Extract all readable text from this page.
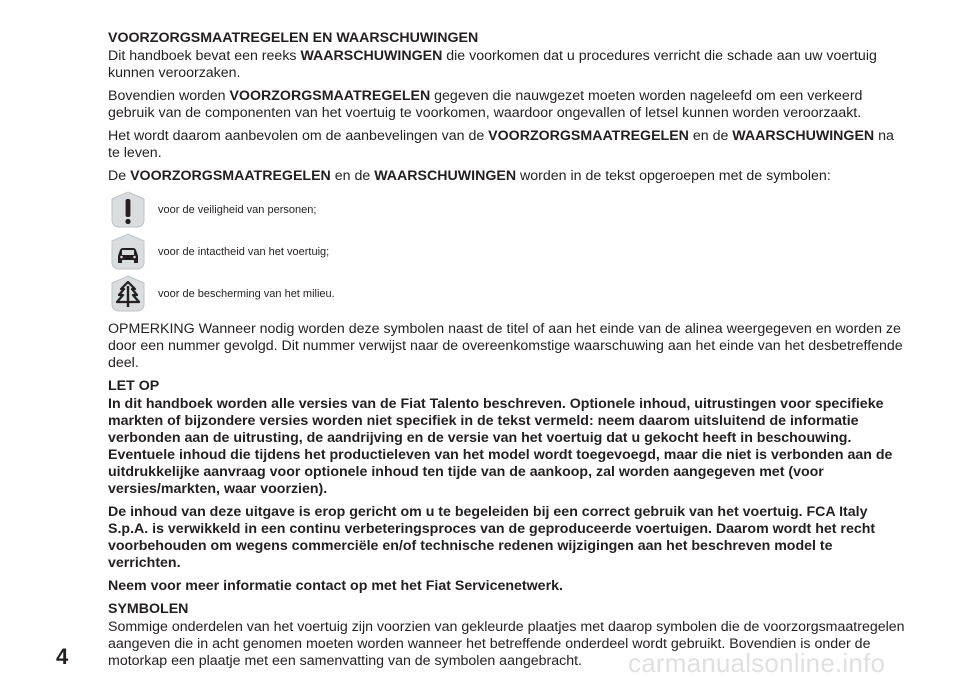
VOORZORGSMAATREGELEN EN WAARSCHUWINGEN

Dit handboek bevat een reeks WAARSCHUWINGEN die voorkomen dat u procedures verricht die schade aan uw voertuig kunnen veroorzaken.

Bovendien worden VOORZORGSMAATREGELEN gegeven die nauwgezet moeten worden nageleefd om een verkeerd gebruik van de componenten van het voertuig te voorkomen, waardoor ongevallen of letsel kunnen worden veroorzaakt.

Het wordt daarom aanbevolen om de aanbevelingen van de VOORZORGSMAATREGELEN en de WAARSCHUWINGEN na te leven.

De VOORZORGSMAATREGELEN en de WAARSCHUWINGEN worden in de tekst opgeroepen met de symbolen:

voor de veiligheid van personen;
voor de intactheid van het voertuig;
voor de bescherming van het milieu.

OPMERKING Wanneer nodig worden deze symbolen naast de titel of aan het einde van de alinea weergegeven en worden ze door een nummer gevolgd. Dit nummer verwijst naar de overeenkomstige waarschuwing aan het einde van het desbetreffende deel.

LET OP

In dit handboek worden alle versies van de Fiat Talento beschreven. Optionele inhoud, uitrustingen voor specifieke markten of bijzondere versies worden niet specifiek in de tekst vermeld: neem daarom uitsluitend de informatie verbonden aan de uitrusting, de aandrijving en de versie van het voertuig dat u gekocht heeft in beschouwing. Eventuele inhoud die tijdens het productieleven van het model wordt toegevoegd, maar die niet is verbonden aan de uitdrukkelijke aanvraag voor optionele inhoud ten tijde van de aankoop, zal worden aangegeven met (voor versies/markten, waar voorzien).

De inhoud van deze uitgave is erop gericht om u te begeleiden bij een correct gebruik van het voertuig. FCA Italy S.p.A. is verwikkeld in een continu verbeteringsproces van de geproduceerde voertuigen. Daarom wordt het recht voorbehouden om wegens commerciële en/of technische redenen wijzigingen aan het beschreven model te verrichten.

Neem voor meer informatie contact op met het Fiat Servicenetwerk.

SYMBOLEN

Sommige onderdelen van het voertuig zijn voorzien van gekleurde plaatjes met daarop symbolen die de voorzorgsmaatregelen aangeven die in acht genomen moeten worden wanneer het betreffende onderdeel wordt gebruikt. Bovendien is onder de motorkap een plaatje met een samenvatting van de symbolen aangebracht.

4	carmanualsonline.info
